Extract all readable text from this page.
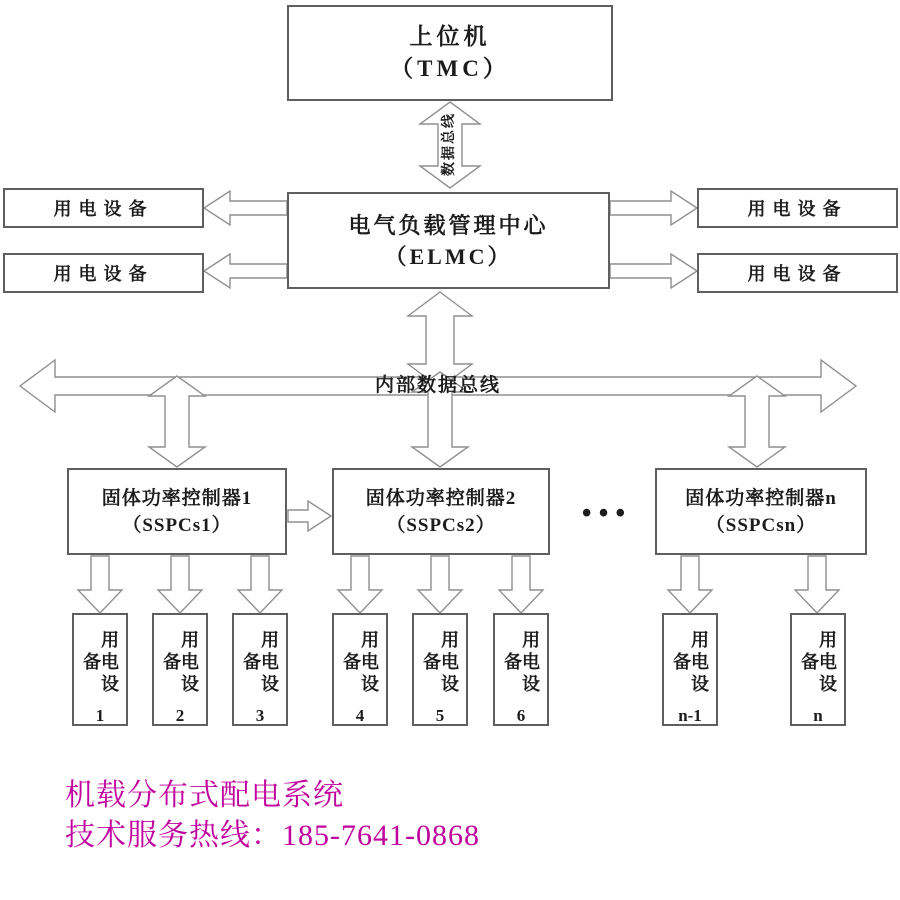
上位机
（TMC）
数据总线
电气负载管理中心
（ELMC）
用电设备
用电设备
用电设备
用电设备
内部数据总线
固体功率控制器1
（SSPCs1）
固体功率控制器2
（SSPCs2）
固体功率控制器n
（SSPCsn）
•••
用电设备
1
用电设备
2
用电设备
3
用电设备
4
用电设备
5
用电设备
6
用电设备
n-1
用电设备
n
机载分布式配电系统
技术服务热线：185-7641-0868
